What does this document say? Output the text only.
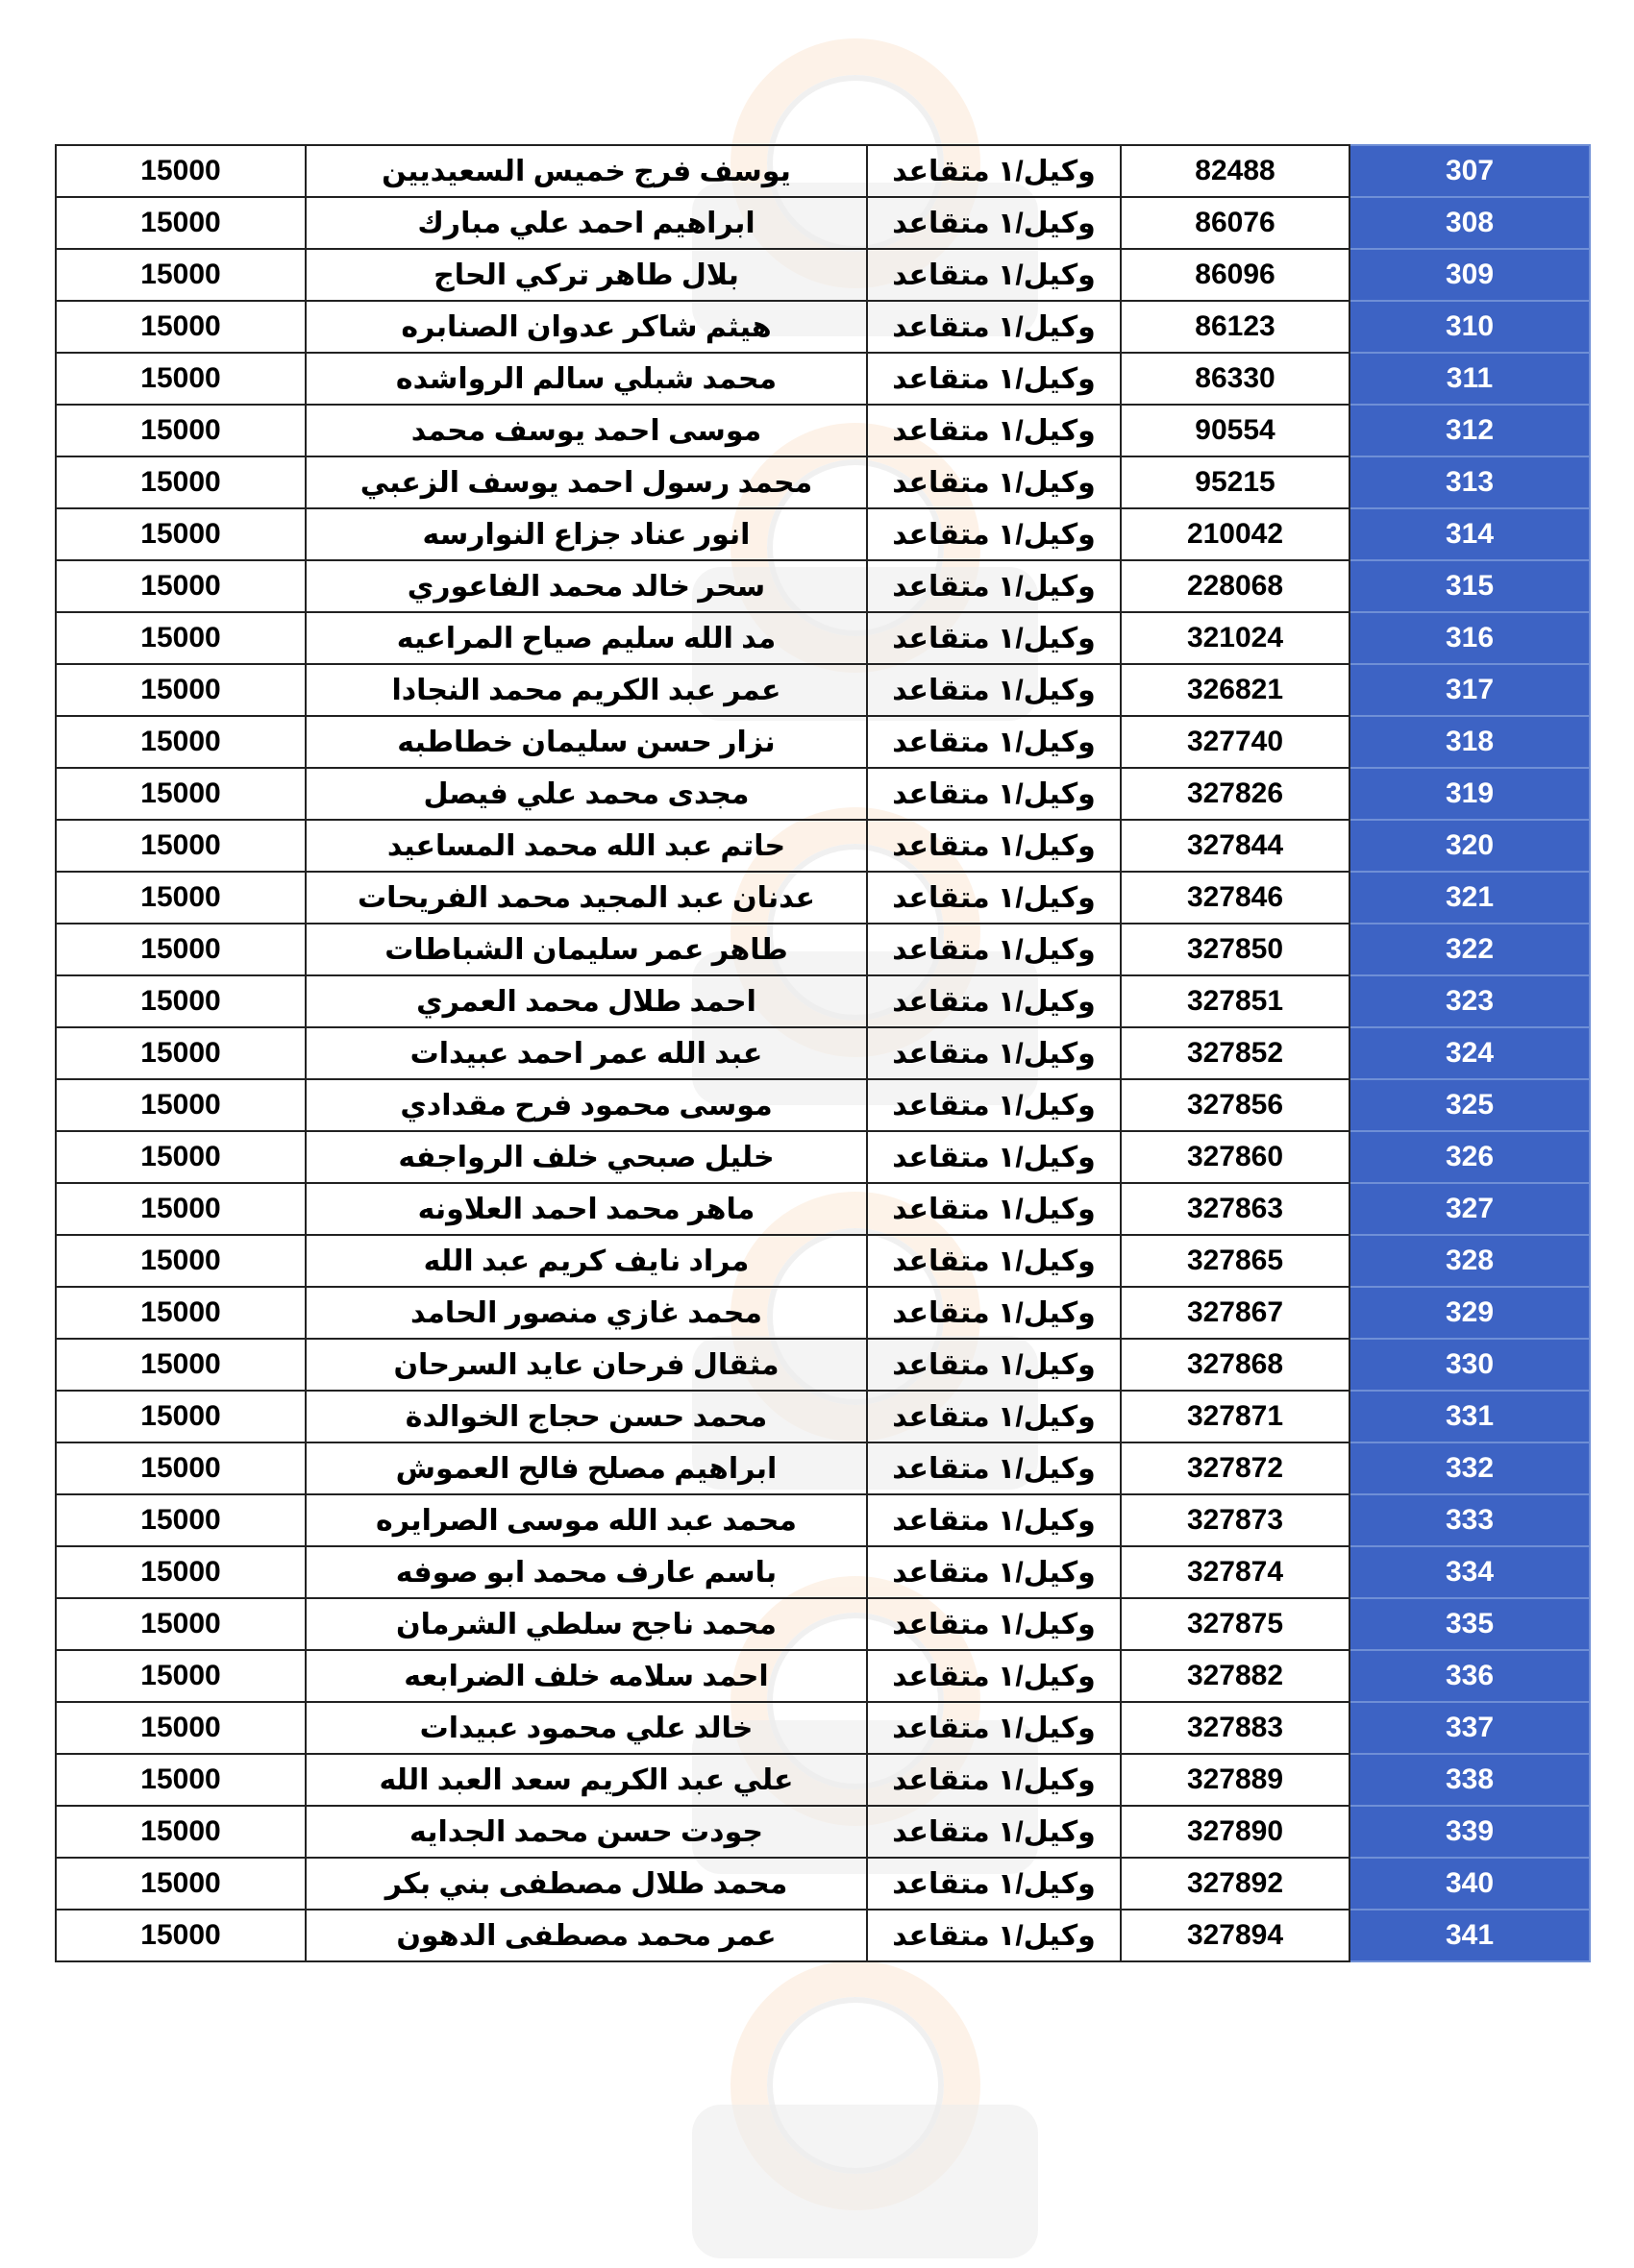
15000	يوسف فرج خميس السعيديين	وكيل/١ متقاعد	82488	307
15000	ابراهيم احمد علي مبارك	وكيل/١ متقاعد	86076	308
15000	بلال طاهر تركي الحاج	وكيل/١ متقاعد	86096	309
15000	هيثم شاكر عدوان الصنابره	وكيل/١ متقاعد	86123	310
15000	محمد شبلي سالم الرواشده	وكيل/١ متقاعد	86330	311
15000	موسى احمد يوسف محمد	وكيل/١ متقاعد	90554	312
15000	محمد رسول احمد يوسف الزعبي	وكيل/١ متقاعد	95215	313
15000	انور عناد جزاع النوارسه	وكيل/١ متقاعد	210042	314
15000	سحر خالد محمد الفاعوري	وكيل/١ متقاعد	228068	315
15000	مد الله سليم صياح المراعيه	وكيل/١ متقاعد	321024	316
15000	عمر عبد الكريم محمد النجادا	وكيل/١ متقاعد	326821	317
15000	نزار حسن سليمان خطاطبه	وكيل/١ متقاعد	327740	318
15000	مجدى محمد علي فيصل	وكيل/١ متقاعد	327826	319
15000	حاتم عبد الله محمد المساعيد	وكيل/١ متقاعد	327844	320
15000	عدنان عبد المجيد محمد الفريحات	وكيل/١ متقاعد	327846	321
15000	طاهر عمر سليمان الشباطات	وكيل/١ متقاعد	327850	322
15000	احمد طلال محمد العمري	وكيل/١ متقاعد	327851	323
15000	عبد الله عمر احمد عبيدات	وكيل/١ متقاعد	327852	324
15000	موسى محمود فرح مقدادي	وكيل/١ متقاعد	327856	325
15000	خليل صبحي خلف الرواجفه	وكيل/١ متقاعد	327860	326
15000	ماهر محمد احمد العلاونه	وكيل/١ متقاعد	327863	327
15000	مراد نايف كريم عبد الله	وكيل/١ متقاعد	327865	328
15000	محمد غازي منصور الحامد	وكيل/١ متقاعد	327867	329
15000	مثقال فرحان عايد السرحان	وكيل/١ متقاعد	327868	330
15000	محمد حسن حجاج الخوالدة	وكيل/١ متقاعد	327871	331
15000	ابراهيم مصلح فالح العموش	وكيل/١ متقاعد	327872	332
15000	محمد عبد الله موسى الصرايره	وكيل/١ متقاعد	327873	333
15000	باسم عارف محمد ابو صوفه	وكيل/١ متقاعد	327874	334
15000	محمد ناجح سلطي الشرمان	وكيل/١ متقاعد	327875	335
15000	احمد سلامه خلف الضرابعه	وكيل/١ متقاعد	327882	336
15000	خالد علي محمود عبيدات	وكيل/١ متقاعد	327883	337
15000	علي عبد الكريم سعد العبد الله	وكيل/١ متقاعد	327889	338
15000	جودت حسن محمد الجدايه	وكيل/١ متقاعد	327890	339
15000	محمد طلال مصطفى بني بكر	وكيل/١ متقاعد	327892	340
15000	عمر محمد مصطفى الدهون	وكيل/١ متقاعد	327894	341
